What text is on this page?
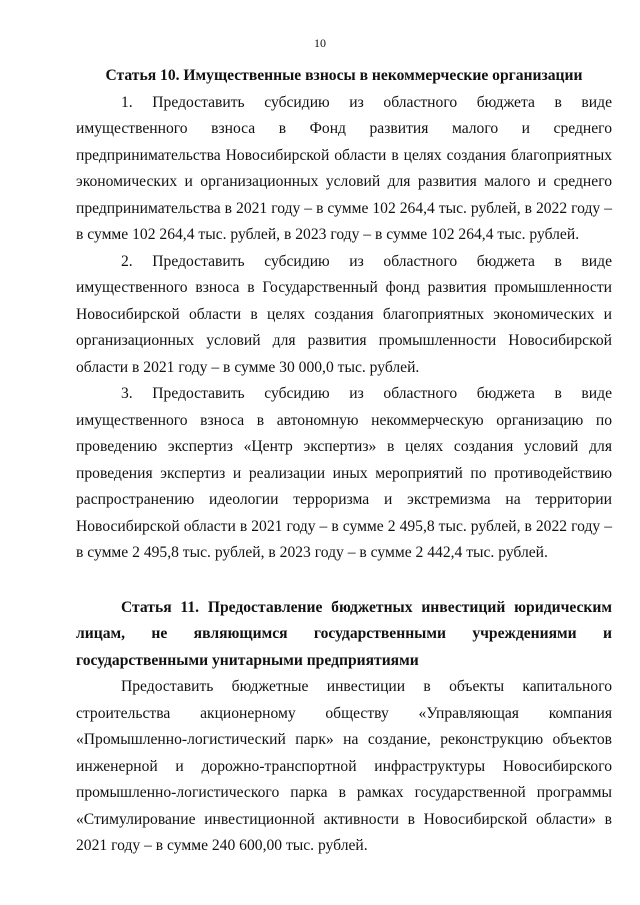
10

Статья 10. Имущественные взносы в некоммерческие организации

1. Предоставить субсидию из областного бюджета в виде имущественного взноса в Фонд развития малого и среднего предпринимательства Новосибирской области в целях создания благоприятных экономических и организационных условий для развития малого и среднего предпринимательства в 2021 году – в сумме 102 264,4 тыс. рублей, в 2022 году – в сумме 102 264,4 тыс. рублей, в 2023 году – в сумме 102 264,4 тыс. рублей.

2. Предоставить субсидию из областного бюджета в виде имущественного взноса в Государственный фонд развития промышленности Новосибирской области в целях создания благоприятных экономических и организационных условий для развития промышленности Новосибирской области в 2021 году – в сумме 30 000,0 тыс. рублей.

3. Предоставить субсидию из областного бюджета в виде имущественного взноса в автономную некоммерческую организацию по проведению экспертиз «Центр экспертиз» в целях создания условий для проведения экспертиз и реализации иных мероприятий по противодействию распространению идеологии терроризма и экстремизма на территории Новосибирской области в 2021 году – в сумме 2 495,8 тыс. рублей, в 2022 году – в сумме 2 495,8 тыс. рублей, в 2023 году – в сумме 2 442,4 тыс. рублей.

Статья 11. Предоставление бюджетных инвестиций юридическим лицам, не являющимся государственными учреждениями и государственными унитарными предприятиями

Предоставить бюджетные инвестиции в объекты капитального строительства акционерному обществу «Управляющая компания «Промышленно-логистический парк» на создание, реконструкцию объектов инженерной и дорожно-транспортной инфраструктуры Новосибирского промышленно-логистического парка в рамках государственной программы «Стимулирование инвестиционной активности в Новосибирской области» в 2021 году – в сумме 240 600,00 тыс. рублей.
